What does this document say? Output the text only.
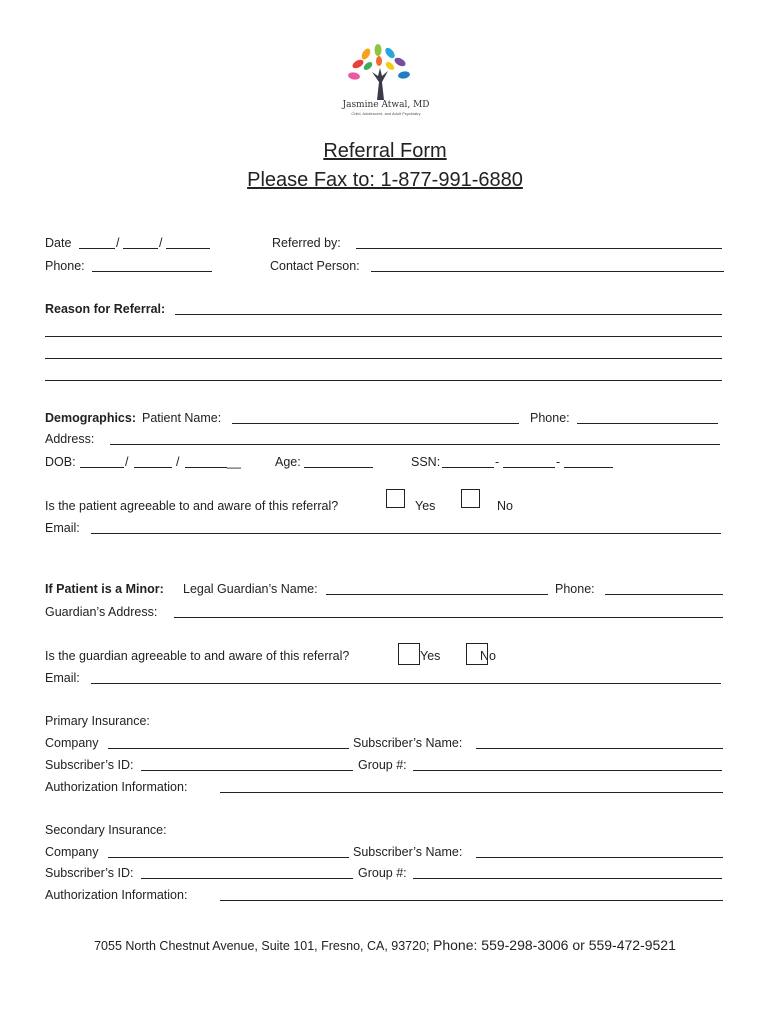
Jasmine Atwal, MD
Child, Adolescent, and Adult Psychiatry
Referral Form
Please Fax to: 1-877-991-6880
Date	/	/	Referred by:
Phone:	Contact Person:
Reason for Referral:
Demographics: Patient Name:	Phone:
Address:
DOB:	/	/	__	Age:	SSN:	-	-
Is the patient agreeable to and aware of this referral?	Yes	No
Email:
If Patient is a Minor: Legal Guardian’s Name:	Phone:
Guardian’s Address:
Is the guardian agreeable to and aware of this referral?	Yes	No
Email:
Primary Insurance:
Company	Subscriber’s Name:
Subscriber’s ID:	Group #:
Authorization Information:
Secondary Insurance:
Company	Subscriber’s Name:
Subscriber’s ID:	Group #:
Authorization Information:
7055 North Chestnut Avenue, Suite 101, Fresno, CA, 93720; Phone: 559-298-3006 or 559-472-9521
